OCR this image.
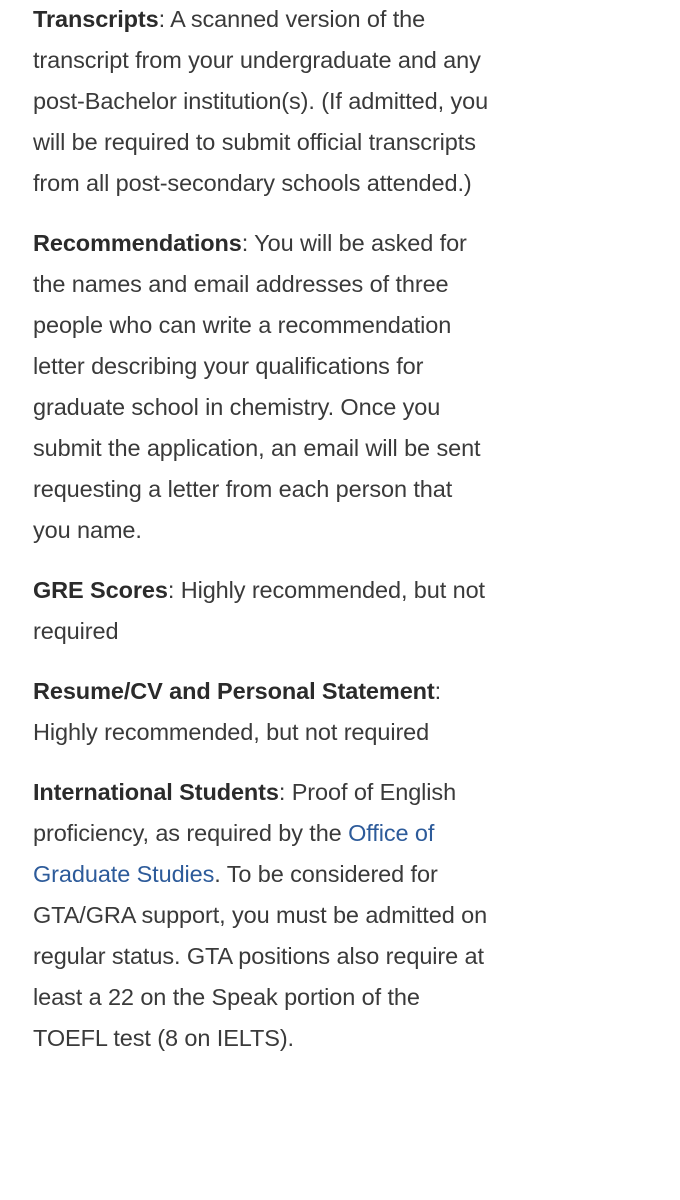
Transcripts: A scanned version of the transcript from your undergraduate and any post-Bachelor institution(s). (If admitted, you will be required to submit official transcripts from all post-secondary schools attended.)

Recommendations: You will be asked for the names and email addresses of three people who can write a recommendation letter describing your qualifications for graduate school in chemistry. Once you submit the application, an email will be sent requesting a letter from each person that you name.

GRE Scores: Highly recommended, but not required

Resume/CV and Personal Statement: Highly recommended, but not required

International Students: Proof of English proficiency, as required by the Office of Graduate Studies. To be considered for GTA/GRA support, you must be admitted on regular status. GTA positions also require at least a 22 on the Speak portion of the TOEFL test (8 on IELTS).
